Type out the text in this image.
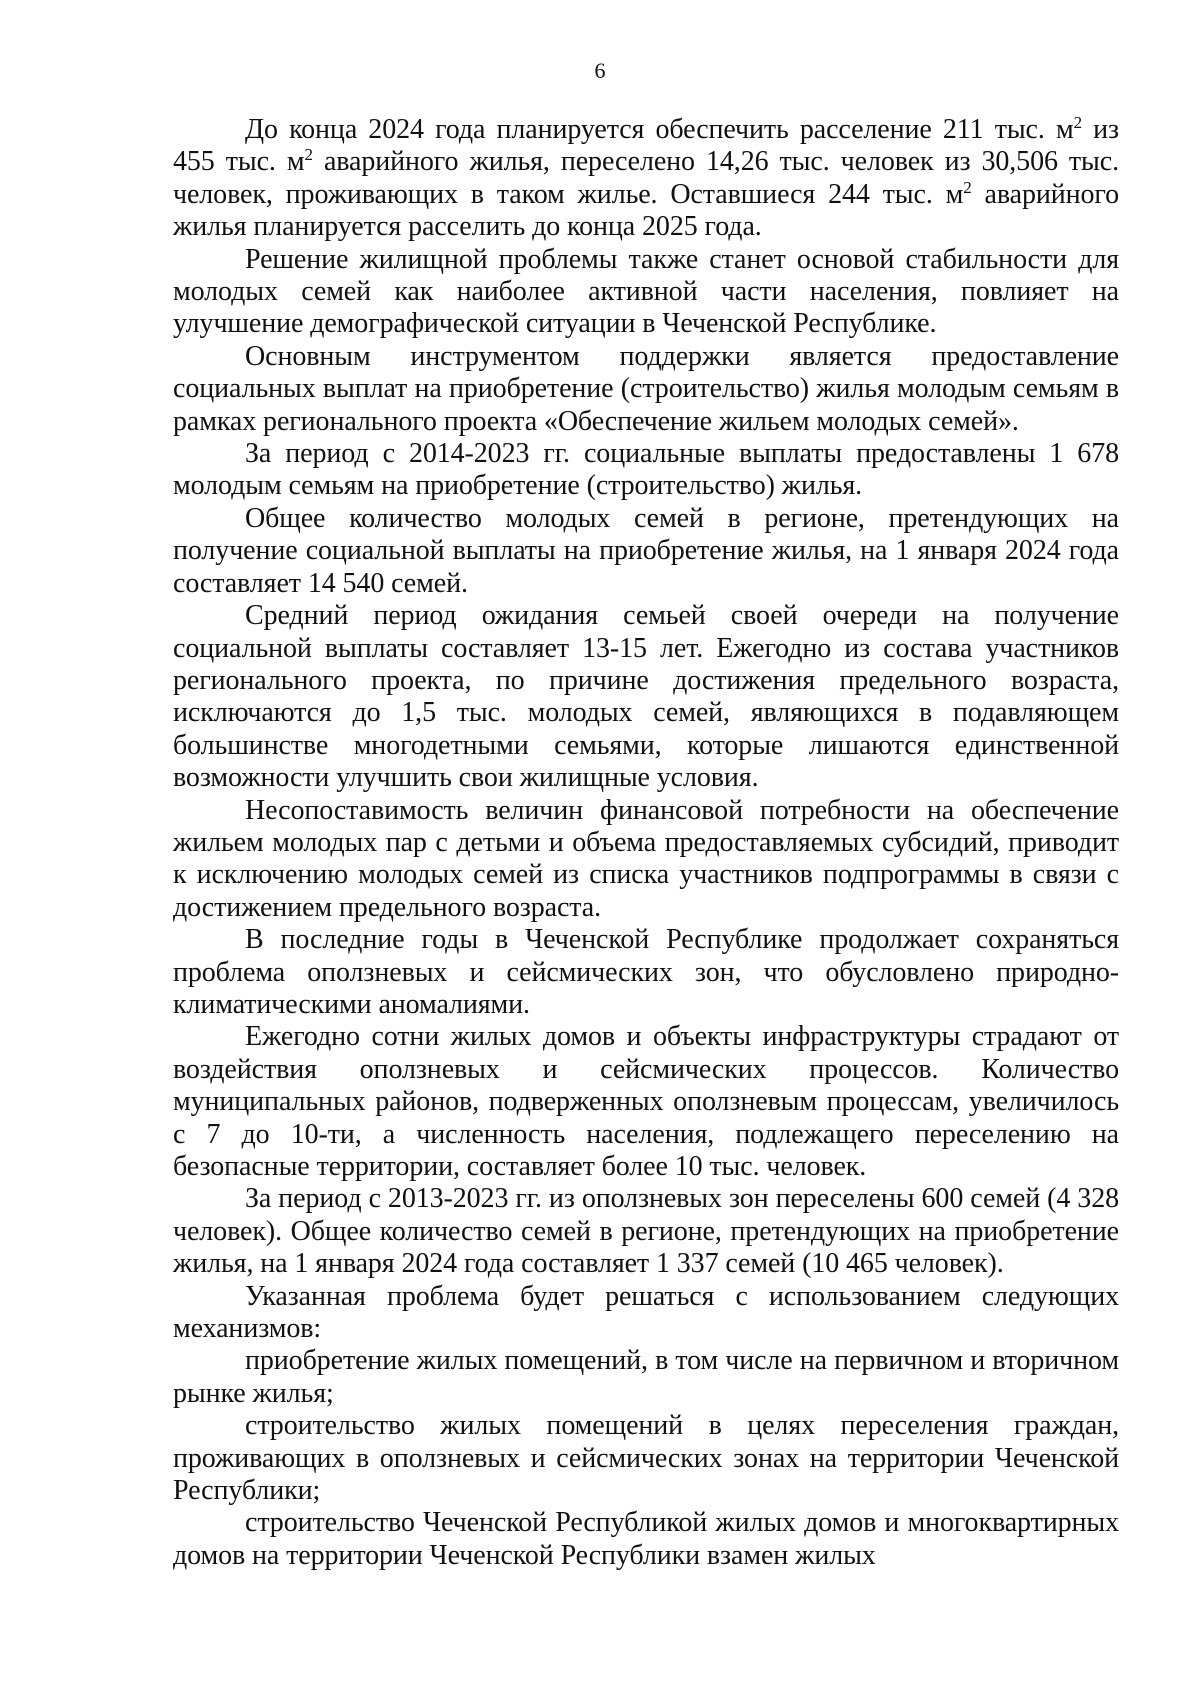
6

До конца 2024 года планируется обеспечить расселение 211 тыс. $м^2$ из 455 тыс. $м^2$ аварийного жилья, переселено 14,26 тыс. человек из 30,506 тыс. человек, проживающих в таком жилье. Оставшиеся 244 тыс. $м^2$ аварийного жилья планируется расселить до конца 2025 года.

Решение жилищной проблемы также станет основой стабильности для молодых семей как наиболее активной части населения, повлияет на улучшение демографической ситуации в Чеченской Республике.

Основным инструментом поддержки является предоставление социальных выплат на приобретение (строительство) жилья молодым семьям в рамках регионального проекта «Обеспечение жильем молодых семей».

За период с 2014-2023 гг. социальные выплаты предоставлены 1 678 молодым семьям на приобретение (строительство) жилья.

Общее количество молодых семей в регионе, претендующих на получение социальной выплаты на приобретение жилья, на 1 января 2024 года составляет 14 540 семей.

Средний период ожидания семьей своей очереди на получение социальной выплаты составляет 13-15 лет. Ежегодно из состава участников регионального проекта, по причине достижения предельного возраста, исключаются до 1,5 тыс. молодых семей, являющихся в подавляющем большинстве многодетными семьями, которые лишаются единственной возможности улучшить свои жилищные условия.

Несопоставимость величин финансовой потребности на обеспечение жильем молодых пар с детьми и объема предоставляемых субсидий, приводит к исключению молодых семей из списка участников подпрограммы в связи с достижением предельного возраста.

В последние годы в Чеченской Республике продолжает сохраняться проблема оползневых и сейсмических зон, что обусловлено природно-климатическими аномалиями.

Ежегодно сотни жилых домов и объекты инфраструктуры страдают от воздействия оползневых и сейсмических процессов. Количество муниципальных районов, подверженных оползневым процессам, увеличилось с 7 до 10-ти, а численность населения, подлежащего переселению на безопасные территории, составляет более 10 тыс. человек.

За период с 2013-2023 гг. из оползневых зон переселены 600 семей (4 328 человек). Общее количество семей в регионе, претендующих на приобретение жилья, на 1 января 2024 года составляет 1 337 семей (10 465 человек).

Указанная проблема будет решаться с использованием следующих механизмов:

приобретение жилых помещений, в том числе на первичном и вторичном рынке жилья;

строительство жилых помещений в целях переселения граждан, проживающих в оползневых и сейсмических зонах на территории Чеченской Республики;

строительство Чеченской Республикой жилых домов и многоквартирных домов на территории Чеченской Республики взамен жилых
